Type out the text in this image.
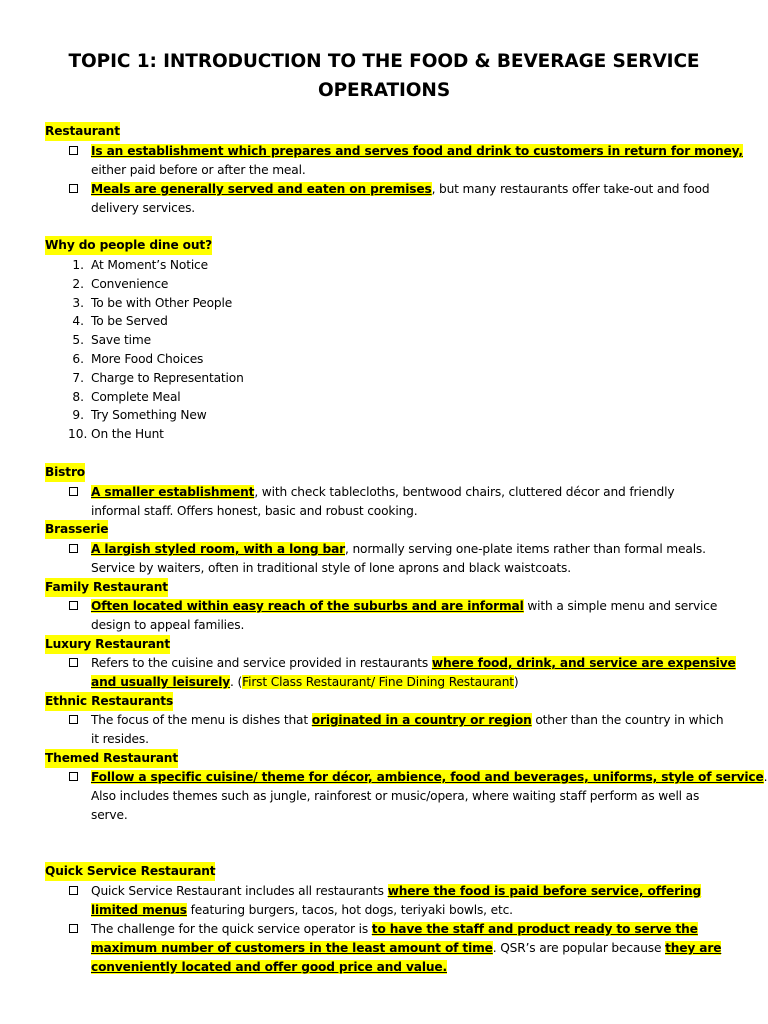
TOPIC 1: INTRODUCTION TO THE FOOD & BEVERAGE SERVICE
OPERATIONS
Restaurant
Is an establishment which prepares and serves food and drink to customers in return for money,
either paid before or after the meal.
Meals are generally served and eaten on premises, but many restaurants offer take-out and food
delivery services.
Why do people dine out?
1. At Moment’s Notice
2. Convenience
3. To be with Other People
4. To be Served
5. Save time
6. More Food Choices
7. Charge to Representation
8. Complete Meal
9. Try Something New
10. On the Hunt
Bistro
A smaller establishment, with check tablecloths, bentwood chairs, cluttered décor and friendly
informal staff. Offers honest, basic and robust cooking.
Brasserie
A largish styled room, with a long bar, normally serving one-plate items rather than formal meals.
Service by waiters, often in traditional style of lone aprons and black waistcoats.
Family Restaurant
Often located within easy reach of the suburbs and are informal with a simple menu and service
design to appeal families.
Luxury Restaurant
Refers to the cuisine and service provided in restaurants where food, drink, and service are expensive
and usually leisurely. (First Class Restaurant/ Fine Dining Restaurant)
Ethnic Restaurants
The focus of the menu is dishes that originated in a country or region other than the country in which
it resides.
Themed Restaurant
Follow a specific cuisine/ theme for décor, ambience, food and beverages, uniforms, style of service.
Also includes themes such as jungle, rainforest or music/opera, where waiting staff perform as well as
serve.
Quick Service Restaurant
Quick Service Restaurant includes all restaurants where the food is paid before service, offering
limited menus featuring burgers, tacos, hot dogs, teriyaki bowls, etc.
The challenge for the quick service operator is to have the staff and product ready to serve the
maximum number of customers in the least amount of time. QSR’s are popular because they are
conveniently located and offer good price and value.
